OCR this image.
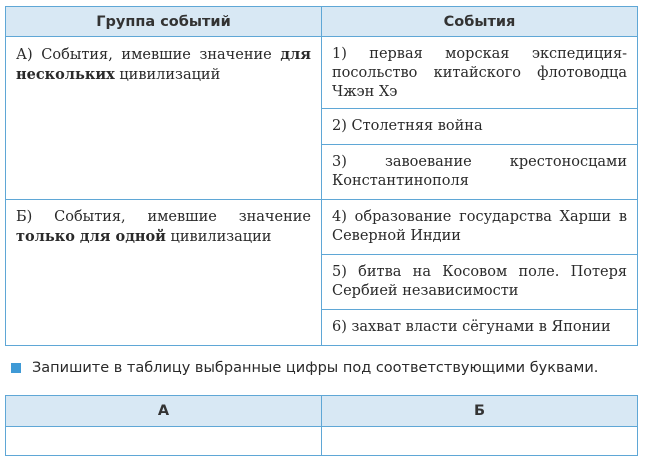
Группа событий	События
А) События, имевшие значение для нескольких цивилизаций	1) первая морская экспедиция-посольство китайского флотоводца Чжэн Хэ
	2) Столетняя война
	3) завоевание крестоносцами Константинополя
Б) События, имевшие значение только для одной цивилизации	4) образование государства Харши в Северной Индии
	5) битва на Косовом поле. Потеря Сербией независимости
	6) захват власти сёгунами в Японии
Запишите в таблицу выбранные цифры под соответствующими буквами.
А	Б
